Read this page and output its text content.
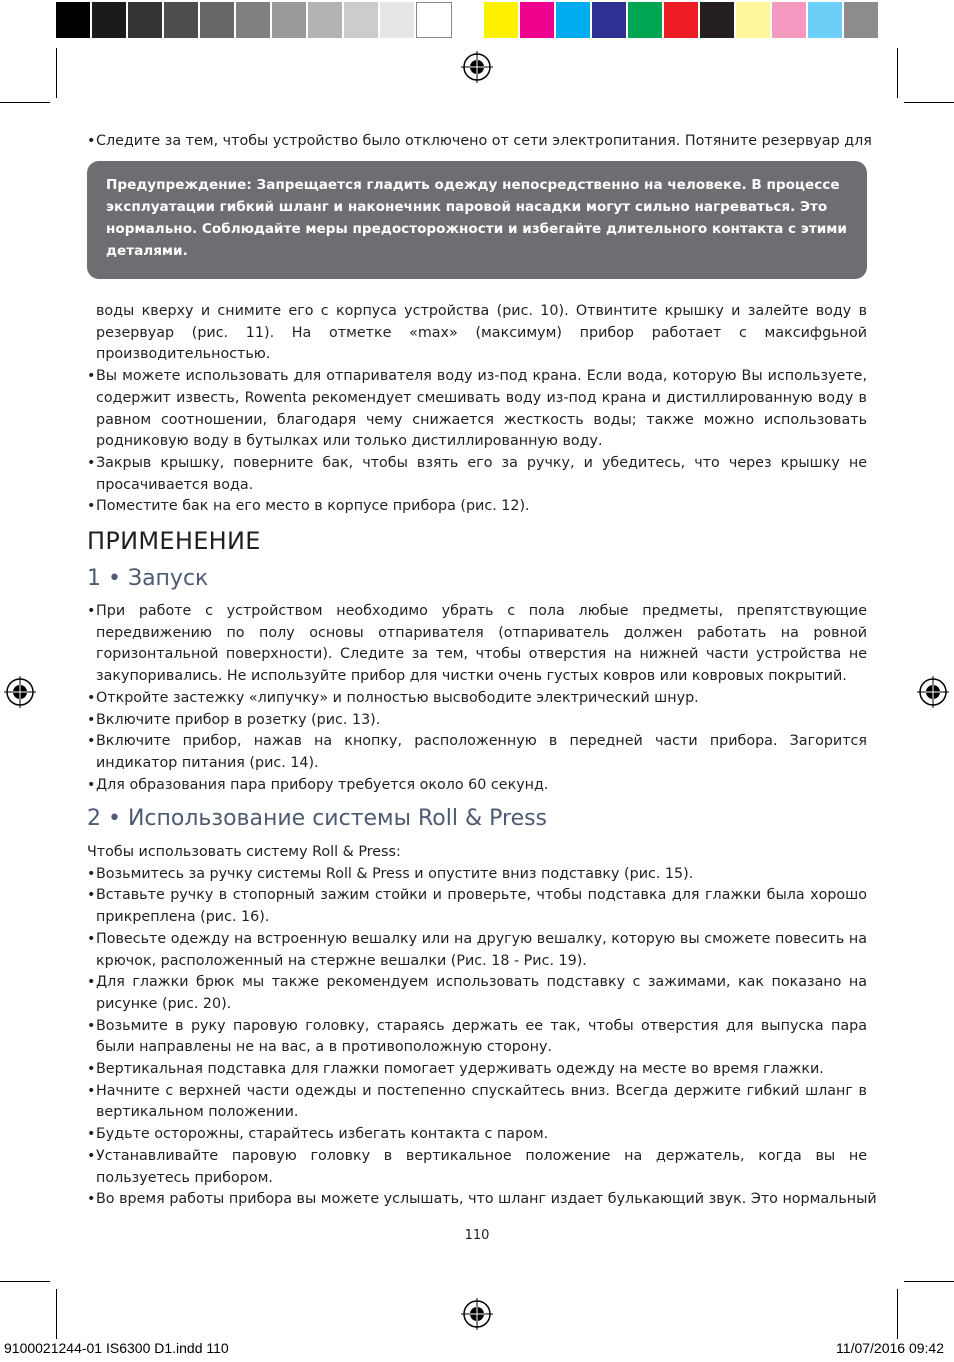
• Следите за тем, чтобы устройство было отключено от сети электропитания. Потяните резервуар для
Предупреждение: Запрещается гладить одежду непосредственно на человеке. В процессе эксплуатации гибкий шланг и наконечник паровой насадки могут сильно нагреваться. Это нормально. Соблюдайте меры предосторожности и избегайте длительного контакта с этими деталями.
воды кверху и снимите его с корпуса устройства (рис. 10). Отвинтите крышку и залейте воду в резервуар (рис. 11). На отметке «max» (максимум) прибор работает с максифgьной производительностью.
• Вы можете использовать для отпаривателя воду из-под крана. Если вода, которую Вы используете, содержит известь, Rowenta рекомендует смешивать воду из-под крана и дистиллированную воду в равном соотношении, благодаря чему снижается жесткость воды; также можно использовать родниковую воду в бутылках или только дистиллированную воду.
• Закрыв крышку, поверните бак, чтобы взять его за ручку, и убедитесь, что через крышку не просачивается вода.
• Поместите бак на его место в корпусе прибора (рис. 12).
ПРИМЕНЕНИЕ
1 • Запуск
• При работе с устройством необходимо убрать с пола любые предметы, препятствующие передвижению по полу основы отпаривателя (отпариватель должен работать на ровной горизонтальной поверхности). Следите за тем, чтобы отверстия на нижней части устройства не закупоривались. Не используйте прибор для чистки очень густых ковров или ковровых покрытий.
• Откройте застежку «липучку» и полностью высвободите электрический шнур.
• Включите прибор в розетку (рис. 13).
• Включите прибор, нажав на кнопку, расположенную в передней части прибора. Загорится индикатор питания (рис. 14).
• Для образования пара прибору требуется около 60 секунд.
2 • Использование системы Roll & Press
Чтобы использовать систему Roll & Press:
• Возьмитесь за ручку системы Roll & Press и опустите вниз подставку (рис. 15).
• Вставьте ручку в стопорный зажим стойки и проверьте, чтобы подставка для глажки была хорошо прикреплена (рис. 16).
• Повесьте одежду на встроенную вешалку или на другую вешалку, которую вы сможете повесить на крючок, расположенный на стержне вешалки (Рис. 18 - Рис. 19).
• Для глажки брюк мы также рекомендуем использовать подставку с зажимами, как показано на рисунке (рис. 20).
• Возьмите в руку паровую головку, стараясь держать ее так, чтобы отверстия для выпуска пара были направлены не на вас, а в противоположную сторону.
• Вертикальная подставка для глажки помогает удерживать одежду на месте во время глажки.
• Начните с верхней части одежды и постепенно спускайтесь вниз. Всегда держите гибкий шланг в вертикальном положении.
• Будьте осторожны, старайтесь избегать контакта с паром.
• Устанавливайте паровую головку в вертикальное положение на держатель, когда вы не пользуетесь прибором.
• Во время работы прибора вы можете услышать, что шланг издает булькающий звук. Это нормальный
110
9100021244-01 IS6300 D1.indd 110	11/07/2016 09:42
